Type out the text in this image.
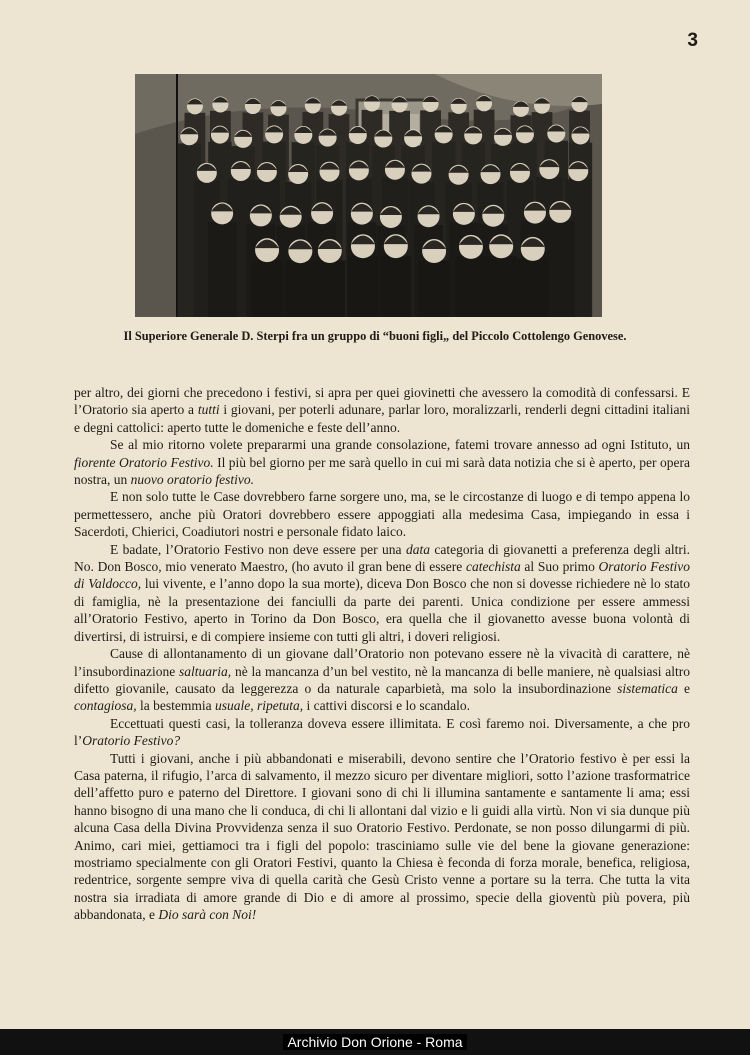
3
Il Superiore Generale D. Sterpi fra un gruppo di “buoni figli„ del Piccolo Cottolengo Genovese.

per altro, dei giorni che precedono i festivi, si apra per quei giovinetti che avessero la comodità di confessarsi. E l’Oratorio sia aperto a tutti i giovani, per poterli adunare, parlar loro, moralizzarli, renderli degni cittadini italiani e degni cattolici: aperto tutte le domeniche e feste dell’anno.

Se al mio ritorno volete prepararmi una grande consolazione, fatemi trovare annesso ad ogni Istituto, un fiorente Oratorio Festivo. Il più bel giorno per me sarà quello in cui mi sarà data notizia che si è aperto, per opera nostra, un nuovo oratorio festivo.

E non solo tutte le Case dovrebbero farne sorgere uno, ma, se le circostanze di luogo e di tempo appena lo permettessero, anche più Oratori dovrebbero essere appoggiati alla medesima Casa, impiegando in essa i Sacerdoti, Chierici, Coadiutori nostri e personale fidato laico.

E badate, l’Oratorio Festivo non deve essere per una data categoria di giovanetti a preferenza degli altri. No. Don Bosco, mio venerato Maestro, (ho avuto il gran bene di essere catechista al Suo primo Oratorio Festivo di Valdocco, lui vivente, e l’anno dopo la sua morte), diceva Don Bosco che non si dovesse richiedere nè lo stato di famiglia, nè la presentazione dei fanciulli da parte dei parenti. Unica condizione per essere ammessi all’Oratorio Festivo, aperto in Torino da Don Bosco, era quella che il giovanetto avesse buona volontà di divertirsi, di istruirsi, e di compiere insieme con tutti gli altri, i doveri religiosi.

Cause di allontanamento di un giovane dall’Oratorio non potevano essere nè la vivacità di carattere, nè l’insubordinazione saltuaria, nè la mancanza d’un bel vestito, nè la mancanza di belle maniere, nè qualsiasi altro difetto giovanile, causato da leggerezza o da naturale caparbietà, ma solo la insubordinazione sistematica e contagiosa, la bestemmia usuale, ripetuta, i cattivi discorsi e lo scandalo.

Eccettuati questi casi, la tolleranza doveva essere illimitata. E così faremo noi. Diversamente, a che pro l’Oratorio Festivo?

Tutti i giovani, anche i più abbandonati e miserabili, devono sentire che l’Oratorio festivo è per essi la Casa paterna, il rifugio, l’arca di salvamento, il mezzo sicuro per diventare migliori, sotto l’azione trasformatrice dell’affetto puro e paterno del Direttore. I giovani sono di chi li illumina santamente e santamente li ama; essi hanno bisogno di una mano che li conduca, di chi li allontani dal vizio e li guidi alla virtù. Non vi sia dunque più alcuna Casa della Divina Provvidenza senza il suo Oratorio Festivo. Perdonate, se non posso dilungarmi di più. Animo, cari miei, gettiamoci tra i figli del popolo: trasciniamo sulle vie del bene la giovane generazione: mostriamo specialmente con gli Oratori Festivi, quanto la Chiesa è feconda di forza morale, benefica, religiosa, redentrice, sorgente sempre viva di quella carità che Gesù Cristo venne a portare su la terra. Che tutta la vita nostra sia irradiata di amore grande di Dio e di amore al prossimo, specie della gioventù più povera, più abbandonata, e Dio sarà con Noi!

Archivio Don Orione - Roma
